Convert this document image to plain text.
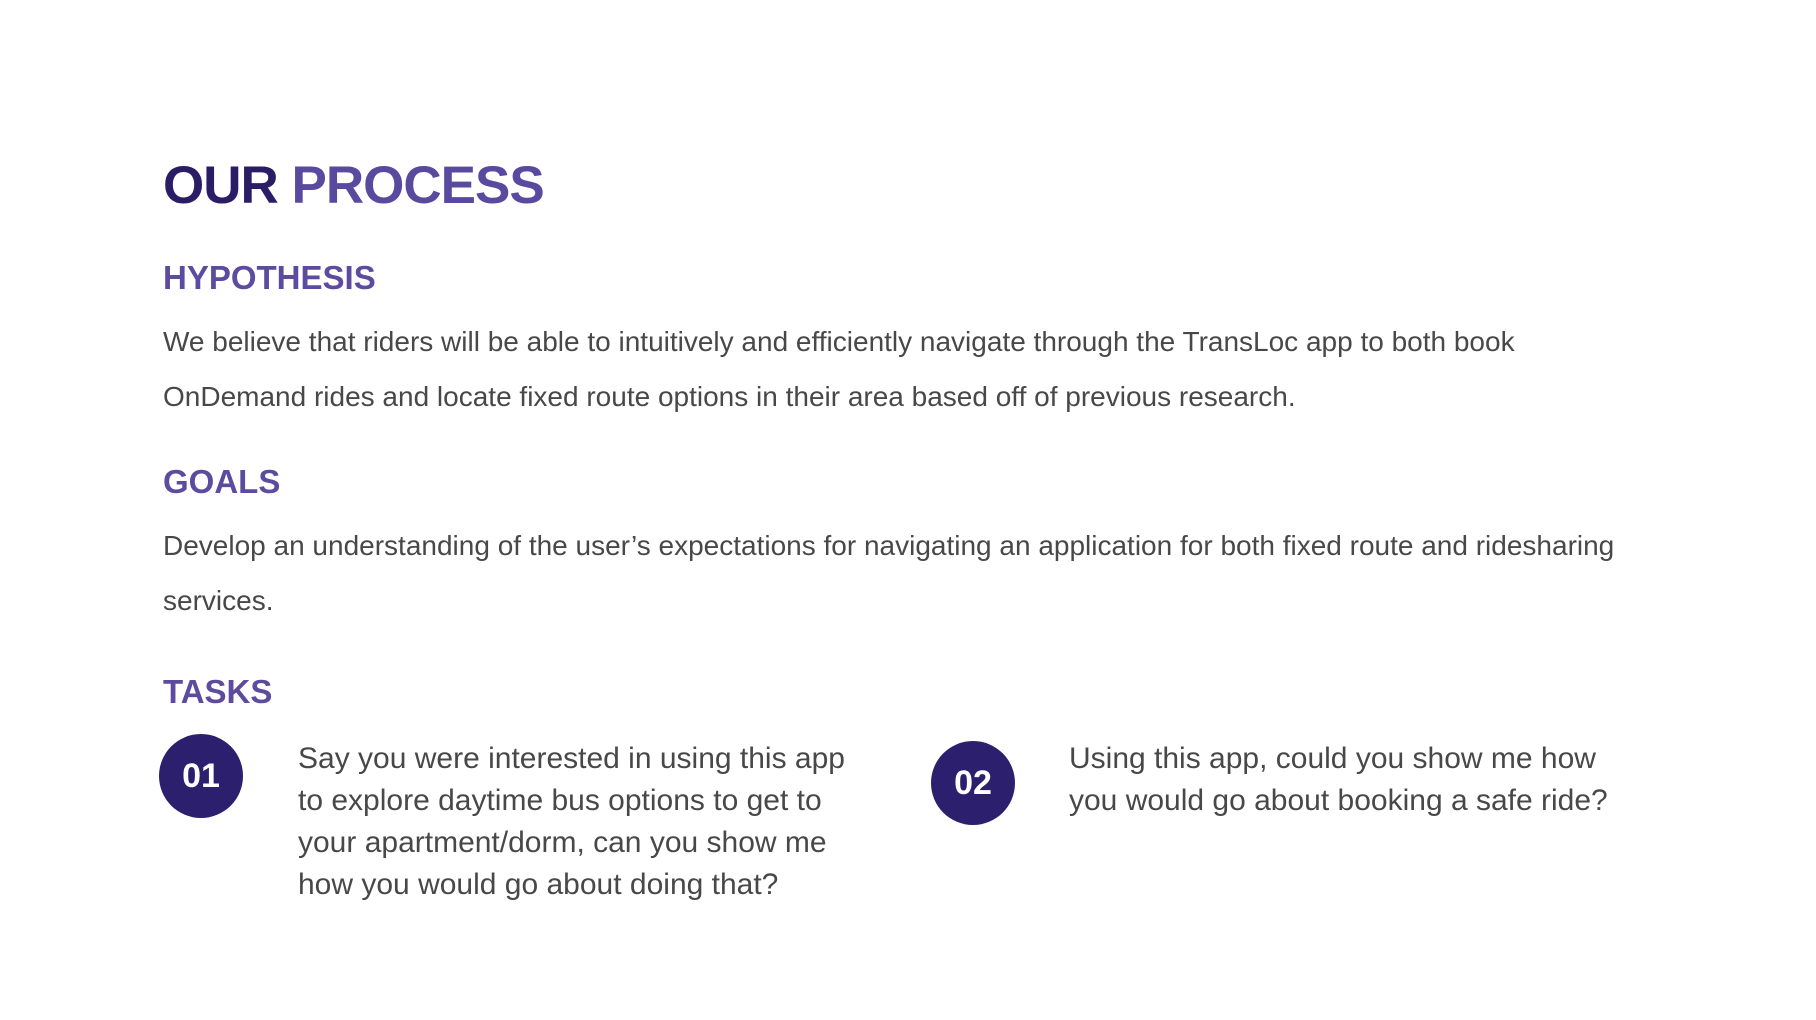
OUR PROCESS
HYPOTHESIS

We believe that riders will be able to intuitively and efficiently navigate through the TransLoc app to both book OnDemand rides and locate fixed route options in their area based off of previous research.

GOALS

Develop an understanding of the user’s expectations for navigating an application for both fixed route and ridesharing services.

TASKS
01	Say you were interested in using this app to explore daytime bus options to get to your apartment/dorm, can you show me how you would go about doing that?

02

Using this app, could you show me how you would go about booking a safe ride?
